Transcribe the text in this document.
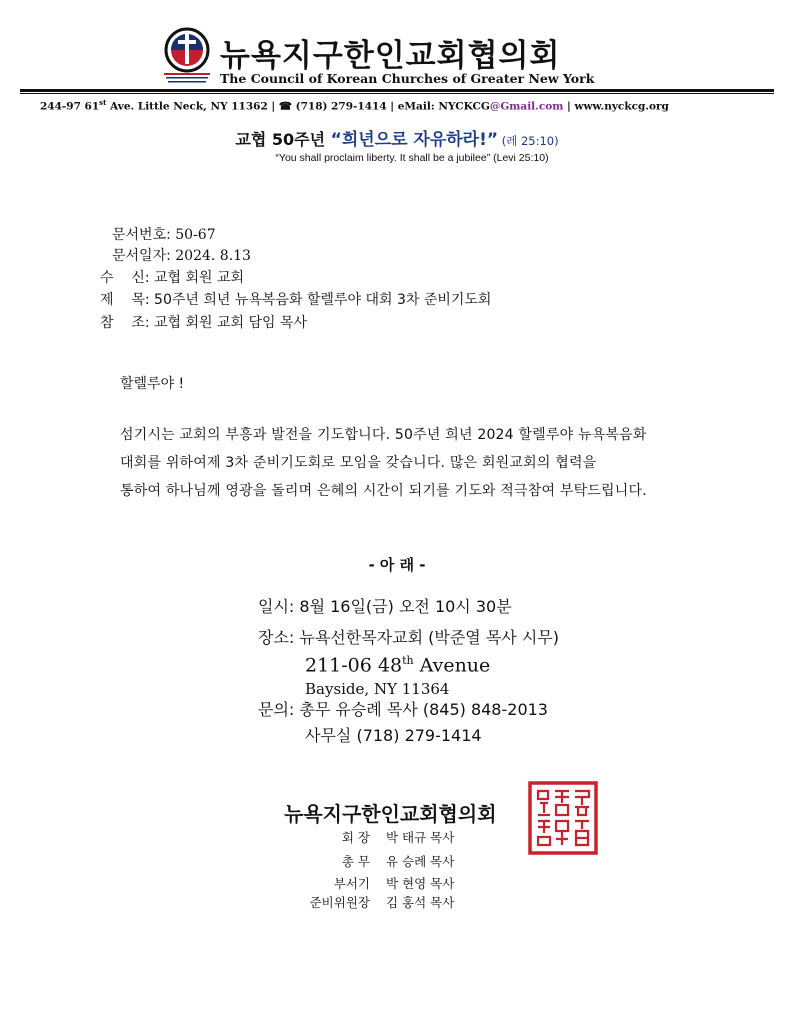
뉴욕지구한인교회협의회
The Council of Korean Churches of Greater New York
244-97 61st Ave. Little Neck, NY 11362 | ☎ (718) 279-1414 | eMail: NYCKCG@Gmail.com | www.nyckcg.org
교협 50주년 “희년으로 자유하라!” (레 25:10)
“You shall proclaim liberty. It shall be a jubilee” (Levi 25:10)
문서번호: 50-67
문서일자: 2024. 8.13
수    신: 교협 회원 교회
제    목: 50주년 희년 뉴욕복음화 할렐루야 대회 3차 준비기도회
참    조: 교협 회원 교회 담임 목사
할렐루야 !
섬기시는 교회의 부흥과 발전을 기도합니다. 50주년 희년 2024 할렐루야 뉴욕복음화
대회를 위하여제 3차 준비기도회로 모임을 갖습니다. 많은 회원교회의 협력을
통하여 하나님께 영광을 돌리며 은혜의 시간이 되기를 기도와 적극참여 부탁드립니다.
- 아 래 -
일시: 8월 16일(금) 오전 10시 30분
장소: 뉴욕선한목자교회 (박준열 목사 시무)
211-06 48th Avenue
Bayside, NY 11364
문의: 총무 유승례 목사 (845) 848-2013
사무실 (718) 279-1414
뉴욕지구한인교회협의회
회 장 박 태규 목사
총 무 유 승례 목사
부서기 박 현영 목사
준비위원장 김 홍석 목사
